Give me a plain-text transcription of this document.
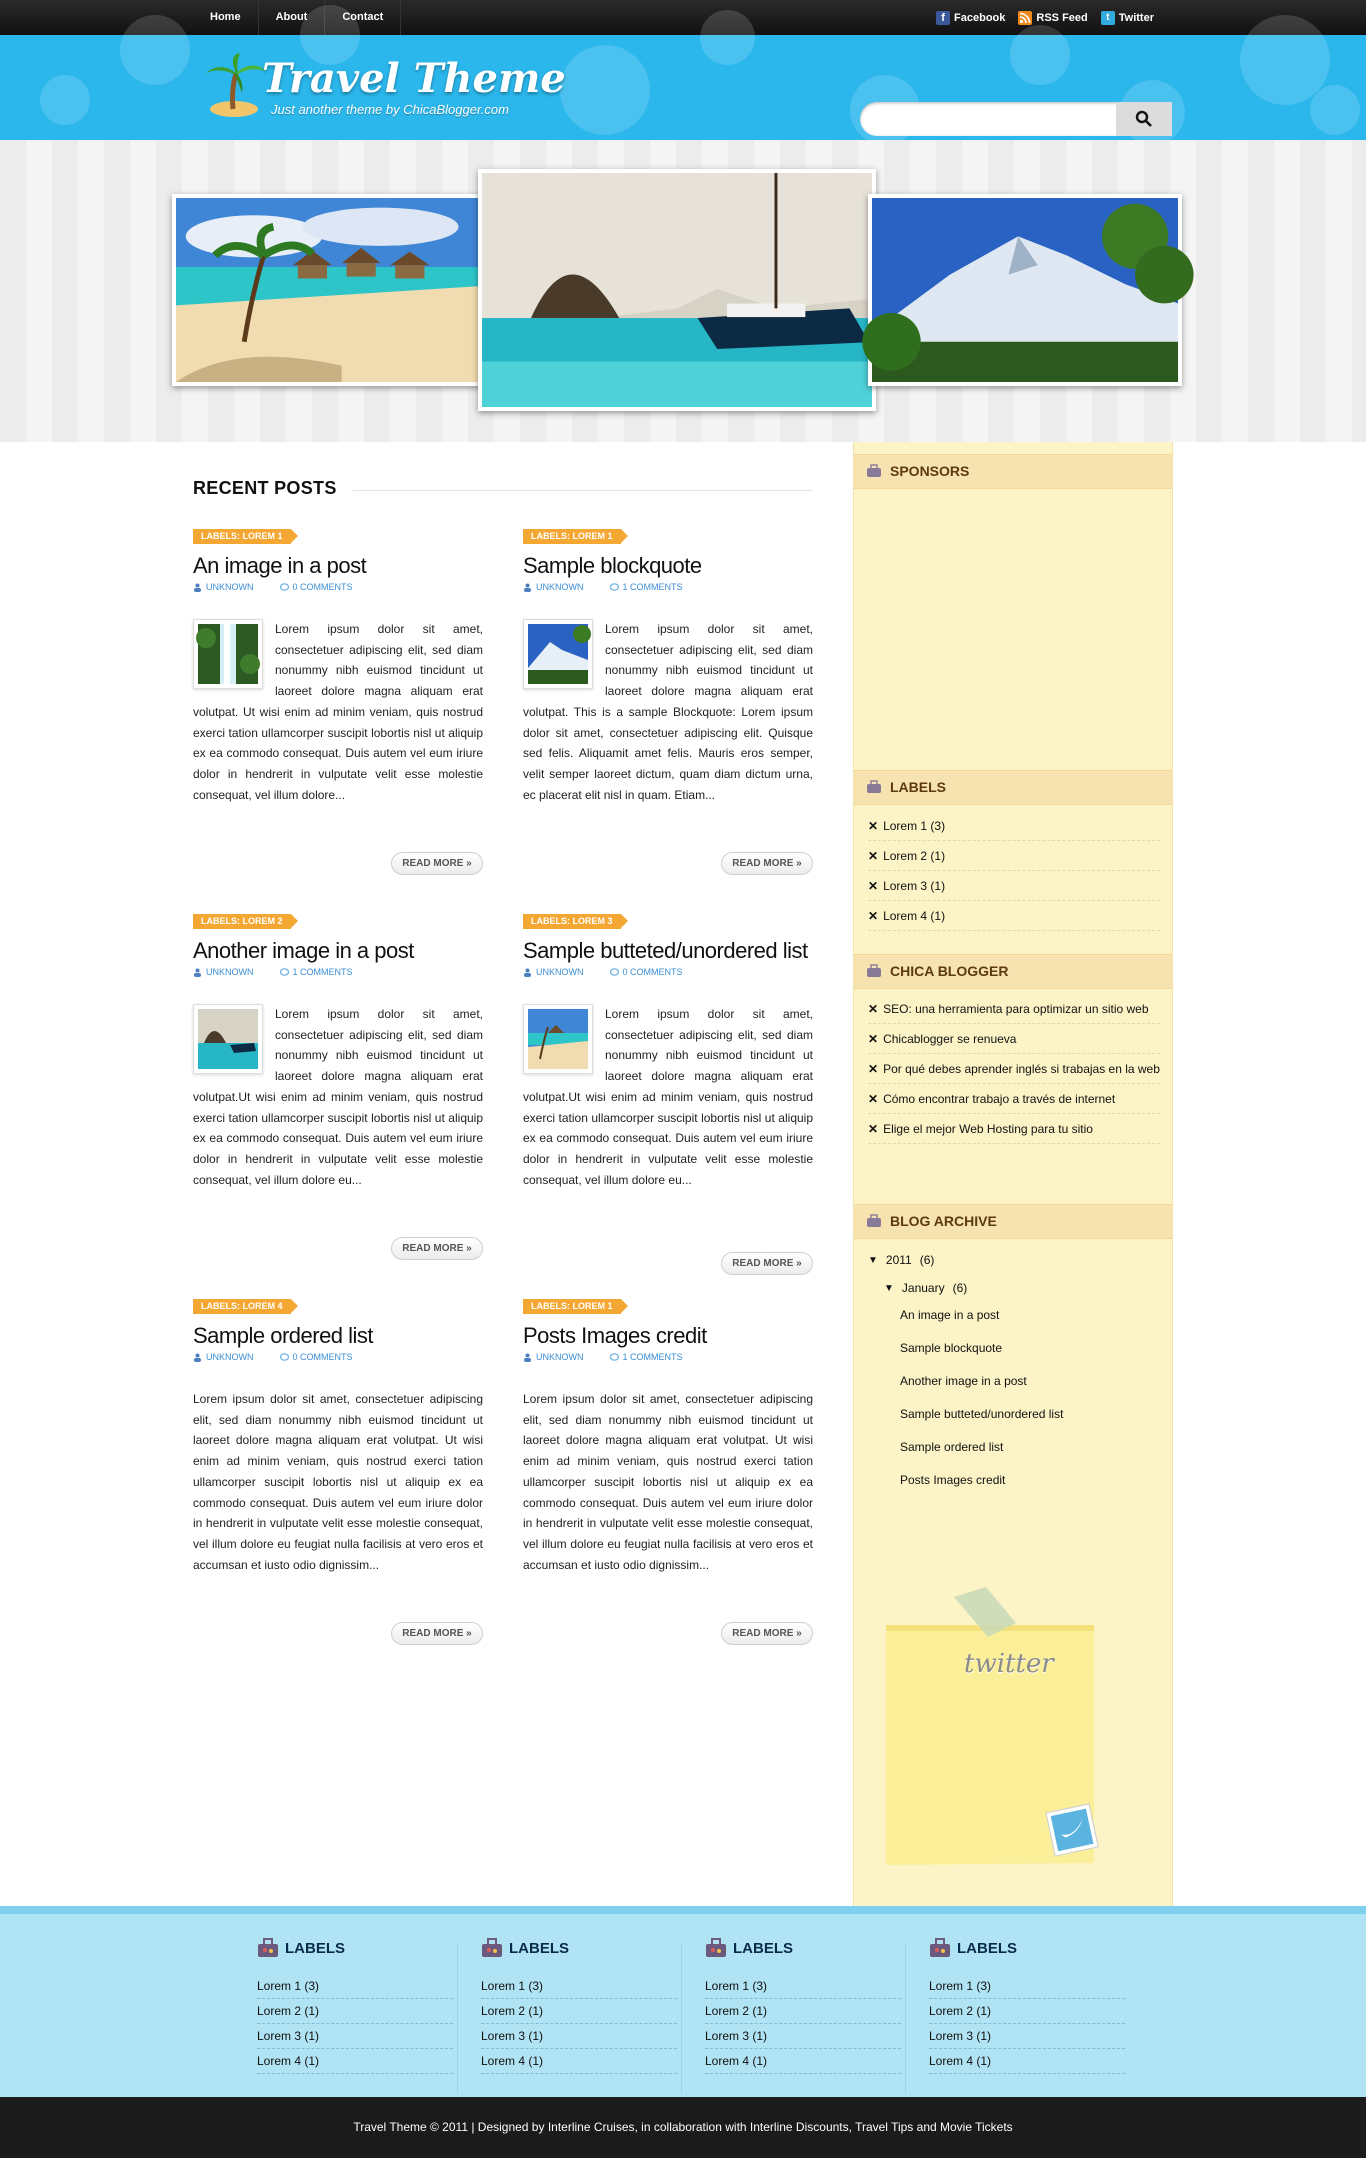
Home	About	Contact	f Facebook	RSS Feed	t Twitter
Travel Theme
Just another theme by ChicaBlogger.com
RECENT POSTS
LABELS: LOREM 1
An image in a post
UNKNOWN	0 COMMENTS
Lorem ipsum dolor sit amet, consectetuer adipiscing elit, sed diam nonummy nibh euismod tincidunt ut laoreet dolore magna aliquam erat volutpat. Ut wisi enim ad minim veniam, quis nostrud exerci tation ullamcorper suscipit lobortis nisl ut aliquip ex ea commodo consequat. Duis autem vel eum iriure dolor in hendrerit in vulputate velit esse molestie consequat, vel illum dolore...
READ MORE »
LABELS: LOREM 1
Sample blockquote
UNKNOWN	1 COMMENTS
Lorem ipsum dolor sit amet, consectetuer adipiscing elit, sed diam nonummy nibh euismod tincidunt ut laoreet dolore magna aliquam erat volutpat. This is a sample Blockquote: Lorem ipsum dolor sit amet, consectetuer adipiscing elit. Quisque sed felis. Aliquamit amet felis. Mauris eros semper, velit semper laoreet dictum, quam diam dictum urna, ec placerat elit nisl in quam. Etiam...
READ MORE »
LABELS: LOREM 2
Another image in a post
UNKNOWN	1 COMMENTS
Lorem ipsum dolor sit amet, consectetuer adipiscing elit, sed diam nonummy nibh euismod tincidunt ut laoreet dolore magna aliquam erat volutpat.Ut wisi enim ad minim veniam, quis nostrud exerci tation ullamcorper suscipit lobortis nisl ut aliquip ex ea commodo consequat. Duis autem vel eum iriure dolor in hendrerit in vulputate velit esse molestie consequat, vel illum dolore eu...
READ MORE »
LABELS: LOREM 3
Sample butteted/unordered list
UNKNOWN	0 COMMENTS
Lorem ipsum dolor sit amet, consectetuer adipiscing elit, sed diam nonummy nibh euismod tincidunt ut laoreet dolore magna aliquam erat volutpat.Ut wisi enim ad minim veniam, quis nostrud exerci tation ullamcorper suscipit lobortis nisl ut aliquip ex ea commodo consequat. Duis autem vel eum iriure dolor in hendrerit in vulputate velit esse molestie consequat, vel illum dolore eu...
READ MORE »
LABELS: LOREM 4
Sample ordered list
UNKNOWN	0 COMMENTS
Lorem ipsum dolor sit amet, consectetuer adipiscing elit, sed diam nonummy nibh euismod tincidunt ut laoreet dolore magna aliquam erat volutpat. Ut wisi enim ad minim veniam, quis nostrud exerci tation ullamcorper suscipit lobortis nisl ut aliquip ex ea commodo consequat. Duis autem vel eum iriure dolor in hendrerit in vulputate velit esse molestie consequat, vel illum dolore eu feugiat nulla facilisis at vero eros et accumsan et iusto odio dignissim...
READ MORE »
LABELS: LOREM 1
Posts Images credit
UNKNOWN	1 COMMENTS
Lorem ipsum dolor sit amet, consectetuer adipiscing elit, sed diam nonummy nibh euismod tincidunt ut laoreet dolore magna aliquam erat volutpat. Ut wisi enim ad minim veniam, quis nostrud exerci tation ullamcorper suscipit lobortis nisl ut aliquip ex ea commodo consequat. Duis autem vel eum iriure dolor in hendrerit in vulputate velit esse molestie consequat, vel illum dolore eu feugiat nulla facilisis at vero eros et accumsan et iusto odio dignissim...
READ MORE »
SPONSORS
LABELS
✕ Lorem 1 (3)
✕ Lorem 2 (1)
✕ Lorem 3 (1)
✕ Lorem 4 (1)
CHICA BLOGGER
✕ SEO: una herramienta para optimizar un sitio web
✕ Chicablogger se renueva
✕ Por qué debes aprender inglés si trabajas en la web
✕ Cómo encontrar trabajo a través de internet
✕ Elige el mejor Web Hosting para tu sitio
BLOG ARCHIVE
▼ 2011 (6)
▼ January (6)
An image in a post
Sample blockquote
Another image in a post
Sample butteted/unordered list
Sample ordered list
Posts Images credit
twitter
LABELS
Lorem 1 (3)
Lorem 2 (1)
Lorem 3 (1)
Lorem 4 (1)
LABELS
Lorem 1 (3)
Lorem 2 (1)
Lorem 3 (1)
Lorem 4 (1)
LABELS
Lorem 1 (3)
Lorem 2 (1)
Lorem 3 (1)
Lorem 4 (1)
LABELS
Lorem 1 (3)
Lorem 2 (1)
Lorem 3 (1)
Lorem 4 (1)
Travel Theme © 2011 | Designed by Interline Cruises, in collaboration with Interline Discounts, Travel Tips and Movie Tickets
